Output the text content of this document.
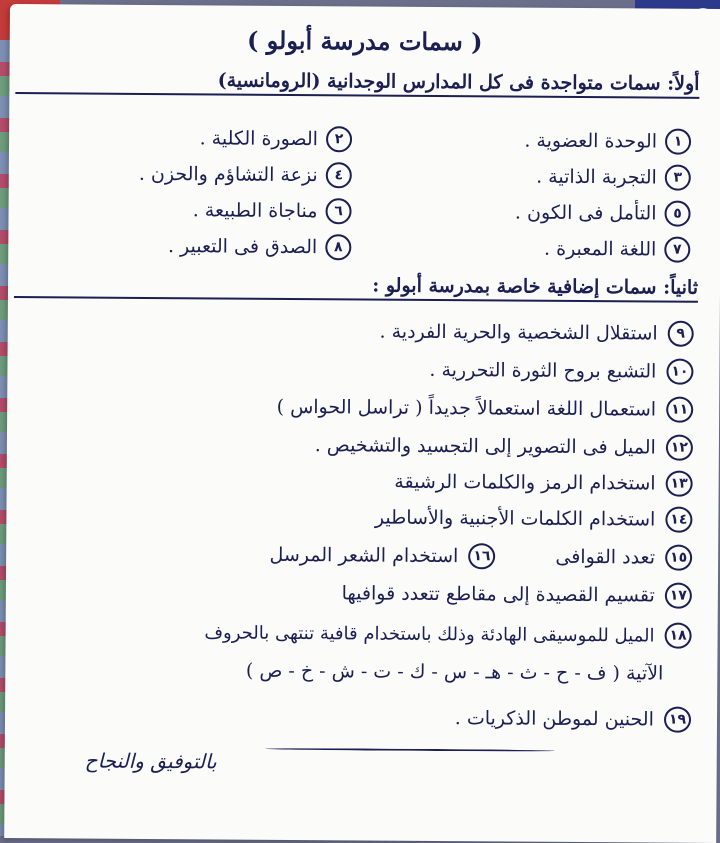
( سمات مدرسة أبولو )
أولاً: سمات متواجدة فى كل المدارس الوجدانية (الرومانسية)
١
الوحدة العضوية .
٢
الصورة الكلية .
٣
التجربة الذاتية .
٤
نزعة التشاؤم والحزن .
٥
التأمل فى الكون .
٦
مناجاة الطبيعة .
٧
اللغة المعبرة .
٨
الصدق فى التعبير .
ثانياً: سمات إضافية خاصة بمدرسة أبولو :
٩
استقلال الشخصية والحرية الفردية .
١٠
التشبع بروح الثورة التحررية .
١١
استعمال اللغة استعمالاً جديداً ( تراسل الحواس )
١٢
الميل فى التصوير إلى التجسيد والتشخيص .
١٣
استخدام الرمز والكلمات الرشيقة
١٤
استخدام الكلمات الأجنبية والأساطير
١٥
تعدد القوافى
١٦
استخدام الشعر المرسل
١٧
تقسيم القصيدة إلى مقاطع تتعدد قوافيها
١٨
الميل للموسيقى الهادئة وذلك باستخدام قافية تنتهى بالحروف
الآتية ( ف - ح - ث - هـ - س - ك - ت - ش - خ - ص )
١٩
الحنين لموطن الذكريات .
بالتوفيق والنجاح
